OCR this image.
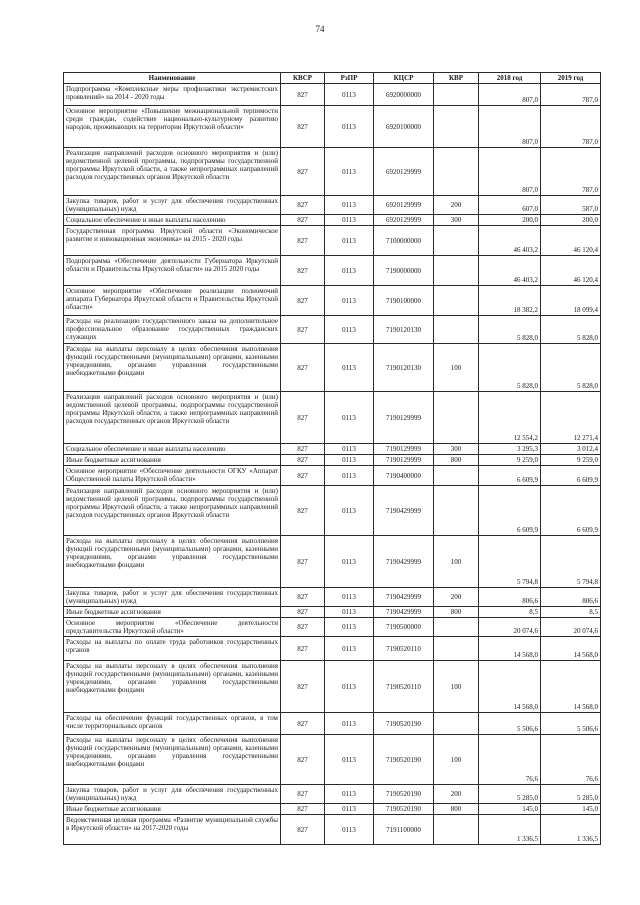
74
Наименование	КВСР	РзПР	КЦСР	КВР	2018 год	2019 год
Подпрограмма «Комплексные меры профилактики экстремистских проявлений» на 2014 - 2020 годы	827	0113	6920000000		807,0	787,0
Основное мероприятие «Повышение межнациональной терпимости среди граждан, содействие национально-культурному развитию народов, проживающих на территории Иркутской области»	827	0113	6920100000		807,0	787,0
Реализация направлений расходов основного мероприятия и (или) ведомственной целевой программы, подпрограммы государственной программы Иркутской области, а также непрограммных направлений расходов государственных органов Иркутской области	827	0113	6920129999		807,0	787,0
Закупка товаров, работ и услуг для обеспечения государственных (муниципальных) нужд	827	0113	6920129999	200	607,0	587,0
Социальное обеспечение и иные выплаты населению	827	0113	6920129999	300	200,0	200,0
Государственная программа Иркутской области «Экономическое развитие и инновационная экономика» на 2015 - 2020 годы	827	0113	7100000000		46 403,2	46 120,4
Подпрограмма «Обеспечение деятельности Губернатора Иркутской области и Правительства Иркутской области» на 2015 2020 годы	827	0113	7190000000		46 403,2	46 120,4
Основное мероприятие «Обеспечение реализации полномочий аппарата Губернатора Иркутской области и Правительства Иркутской области»	827	0113	7190100000		18 382,2	18 099,4
Расходы на реализацию государственного заказа на дополнительное профессиональное образование государственных гражданских служащих	827	0113	7190120130		5 828,0	5 828,0
Расходы на выплаты персоналу в целях обеспечения выполнения функций государственными (муниципальными) органами, казенными учреждениями, органами управления государственными внебюджетными фондами	827	0113	7190120130	100	5 828,0	5 828,0
Реализация направлений расходов основного мероприятия и (или) ведомственной целевой программы, подпрограммы государственной программы Иркутской области, а также непрограммных направлений расходов государственных органов Иркутской области	827	0113	7190129999		12 554,2	12 271,4
Социальное обеспечение и иные выплаты населению	827	0113	7190129999	300	3 295,3	3 012,4
Иные бюджетные ассигнования	827	0113	7190129999	800	9 259,0	9 259,0
Основное мероприятие «Обеспечение деятельности ОГКУ «Аппарат Общественной палаты Иркутской области»	827	0113	7190400000		6 609,9	6 609,9
Реализация направлений расходов основного мероприятия и (или) ведомственной целевой программы, подпрограммы государственной программы Иркутской области, а также непрограммных направлений расходов государственных органов Иркутской области	827	0113	7190429999		6 609,9	6 609,9
Расходы на выплаты персоналу в целях обеспечения выполнения функций государственными (муниципальными) органами, казенными учреждениями, органами управления государственными внебюджетными фондами	827	0113	7190429999	100	5 794,8	5 794,8
Закупка товаров, работ и услуг для обеспечения государственных (муниципальных) нужд	827	0113	7190429999	200	806,6	806,6
Иные бюджетные ассигнования	827	0113	7190429999	800	8,5	8,5
Основное мероприятие «Обеспечение деятельности представительства Иркутской области»	827	0113	7190500000		20 074,6	20 074,6
Расходы на выплаты по оплате труда работников государственных органов	827	0113	7190520110		14 568,0	14 568,0
Расходы на выплаты персоналу в целях обеспечения выполнения функций государственными (муниципальными) органами, казенными учреждениями, органами управления государственными внебюджетными фондами	827	0113	7190520110	100	14 568,0	14 568,0
Расходы на обеспечение функций государственных органов, в том числе территориальных органов	827	0113	7190520190		5 506,6	5 506,6
Расходы на выплаты персоналу в целях обеспечения выполнения функций государственными (муниципальными) органами, казенными учреждениями, органами управления государственными внебюджетными фондами	827	0113	7190520190	100	76,6	76,6
Закупка товаров, работ и услуг для обеспечения государственных (муниципальных) нужд	827	0113	7190520190	200	5 285,0	5 285,0
Иные бюджетные ассигнования	827	0113	7190520190	800	145,0	145,0
Ведомственная целевая программа «Развитие муниципальной службы в Иркутской области» на 2017-2020 годы	827	0113	7191100000		1 336,5	1 336,5
